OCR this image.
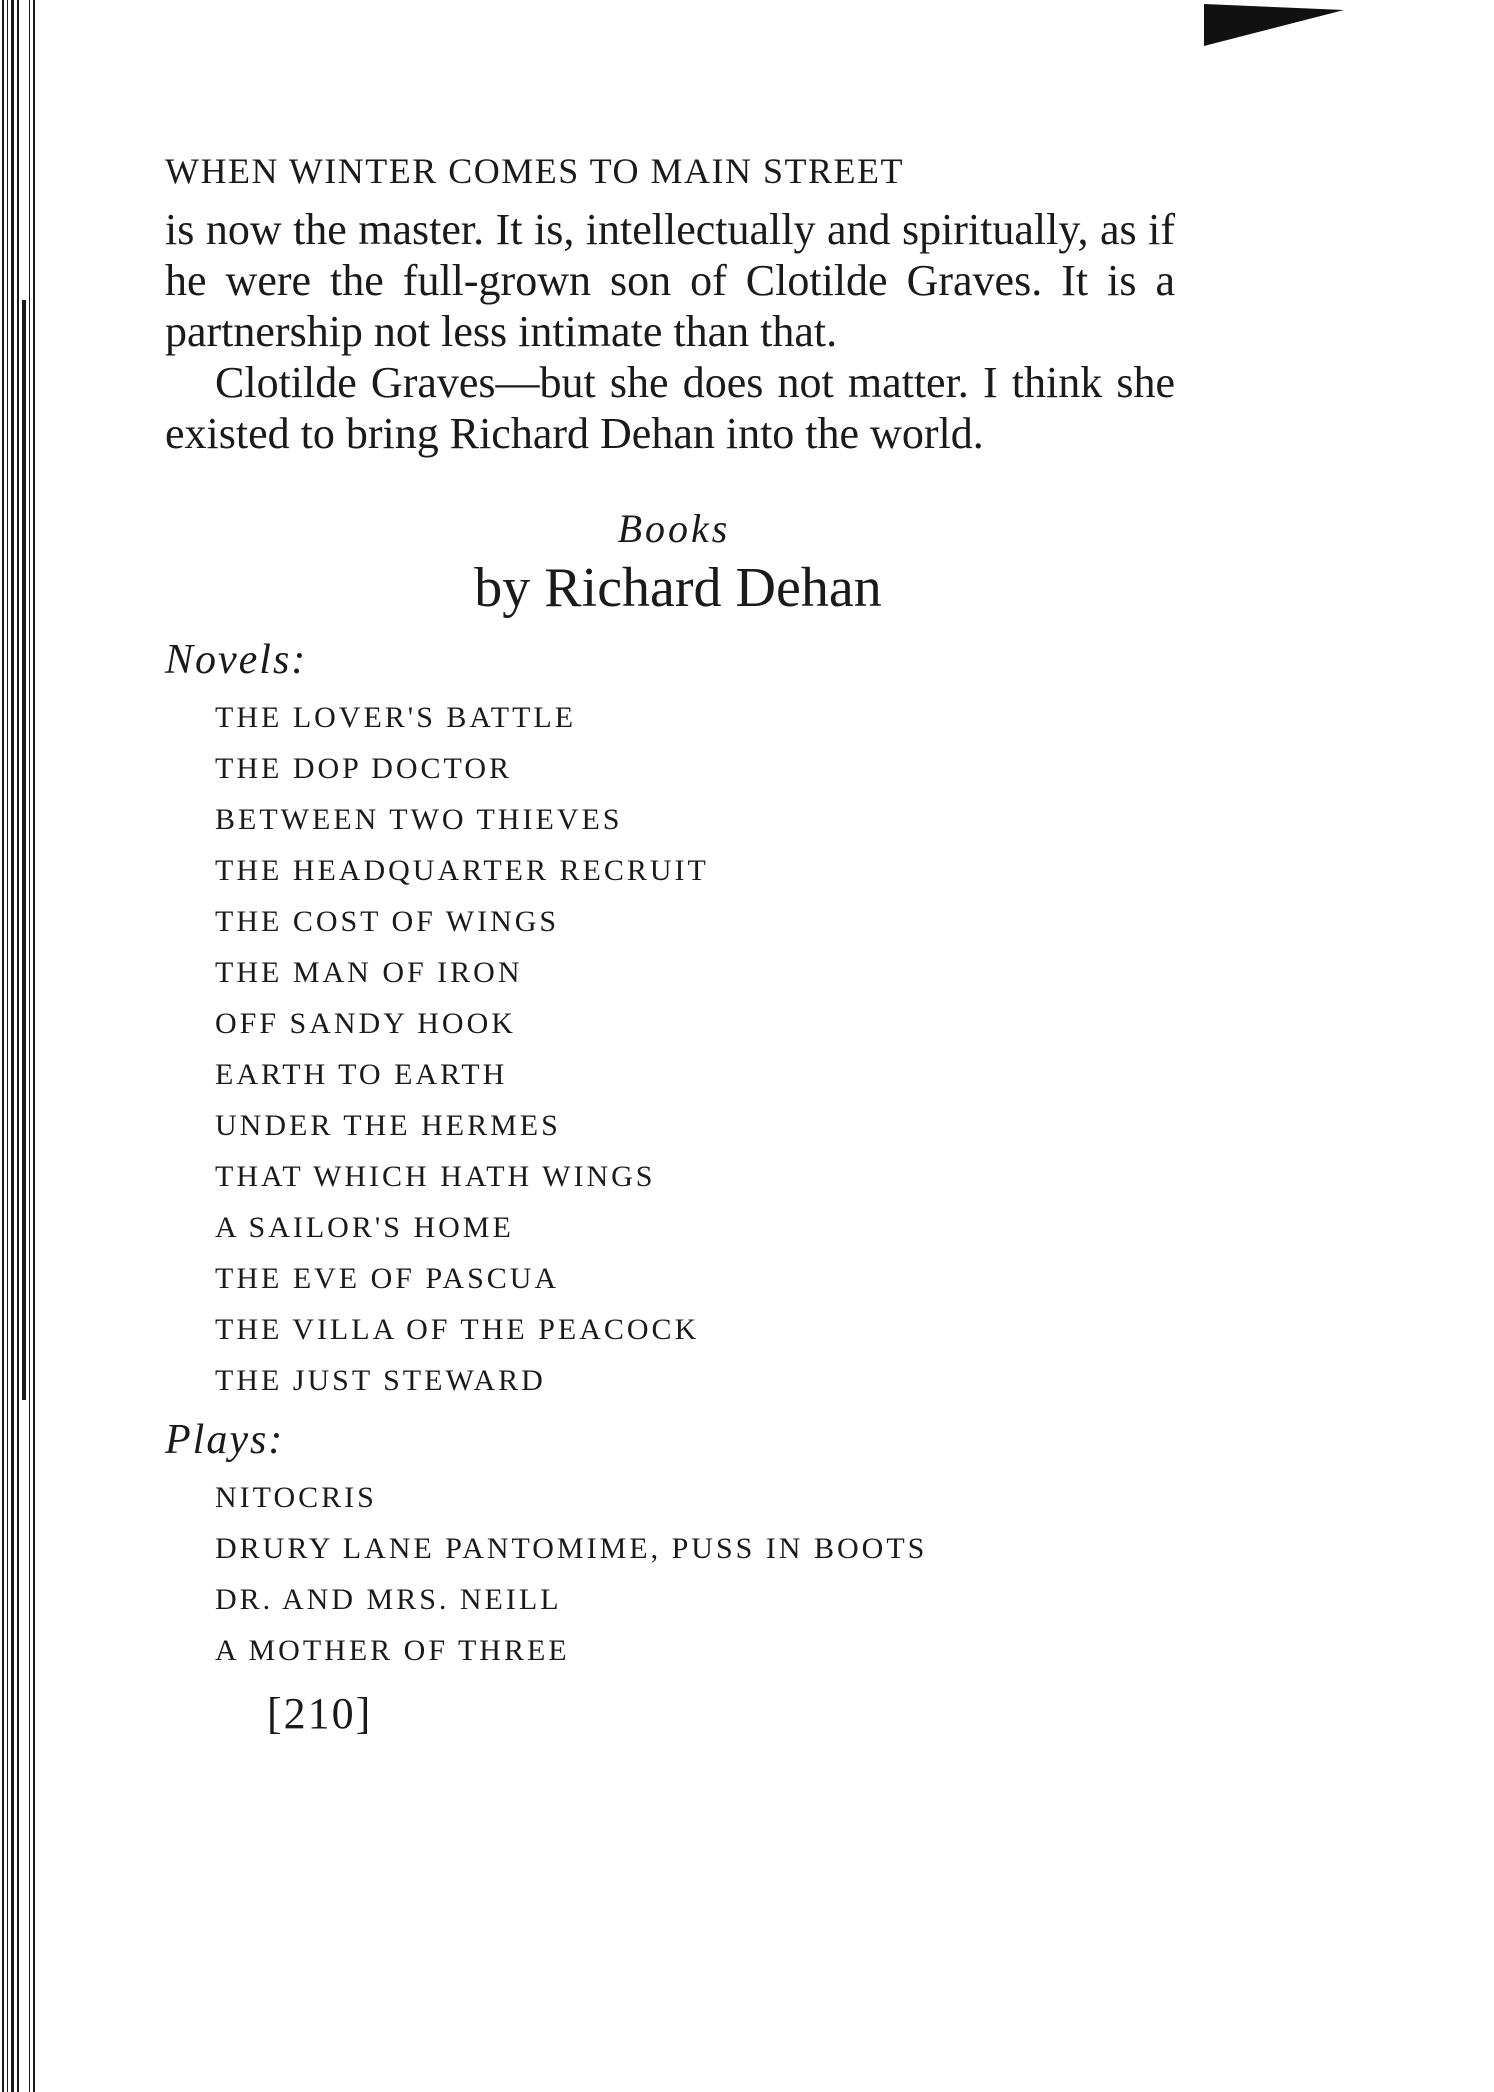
WHEN WINTER COMES TO MAIN STREET

is now the master. It is, intellectually and spiritually, as if he were the full-grown son of Clotilde Graves. It is a partnership not less intimate than that.

Clotilde Graves—but she does not matter. I think she existed to bring Richard Dehan into the world.

Books
by Richard Dehan
Novels:
THE LOVER'S BATTLE
THE DOP DOCTOR
BETWEEN TWO THIEVES
THE HEADQUARTER RECRUIT
THE COST OF WINGS
THE MAN OF IRON
OFF SANDY HOOK
EARTH TO EARTH
UNDER THE HERMES
THAT WHICH HATH WINGS
A SAILOR'S HOME
THE EVE OF PASCUA
THE VILLA OF THE PEACOCK
THE JUST STEWARD
Plays:
NITOCRIS
DRURY LANE PANTOMIME, PUSS IN BOOTS
DR. AND MRS. NEILL
A MOTHER OF THREE
[210]
